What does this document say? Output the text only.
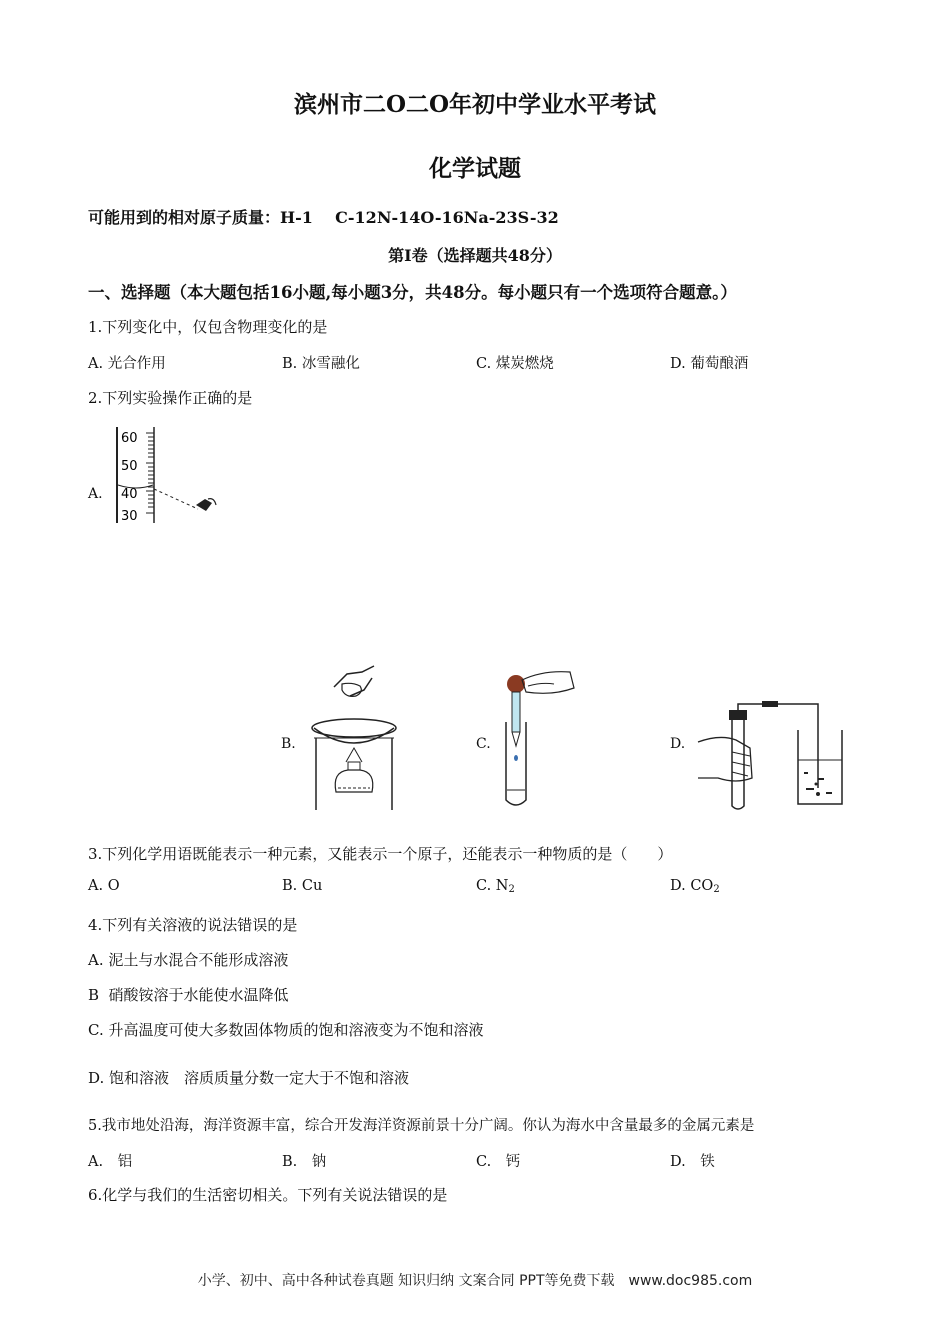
滨州市二O二O年初中学业水平考试
化学试题
可能用到的相对原子质量：H-1    C-12N-14O-16Na-23S-32
第I卷（选择题共48分）
一、选择题（本大题包括16小题,每小题3分，共48分。每小题只有一个选项符合题意。）
1.下列变化中，仅包含物理变化的是
A. 光合作用	B. 冰雪融化	C. 煤炭燃烧	D. 葡萄酿酒
2.下列实验操作正确的是
A.
60
50
40
30
B.	C.	D.
3.下列化学用语既能表示一种元素，又能表示一个原子，还能表示一种物质的是（　　）
A. O	B. Cu	C. $N_2$	D. $CO_2$
4.下列有关溶液的说法错误的是
A. 泥土与水混合不能形成溶液
B  硝酸铵溶于水能使水温降低
C. 升高温度可使大多数固体物质的饱和溶液变为不饱和溶液
D. 饱和溶液　溶质质量分数一定大于不饱和溶液
5.我市地处沿海，海洋资源丰富，综合开发海洋资源前景十分广阔。你认为海水中含量最多的金属元素是
A.　铝	B.　钠	C.　钙	D.　铁
6.化学与我们的生活密切相关。下列有关说法错误的是
小学、初中、高中各种试卷真题 知识归纳 文案合同 PPT等免费下载　www.doc985.com
